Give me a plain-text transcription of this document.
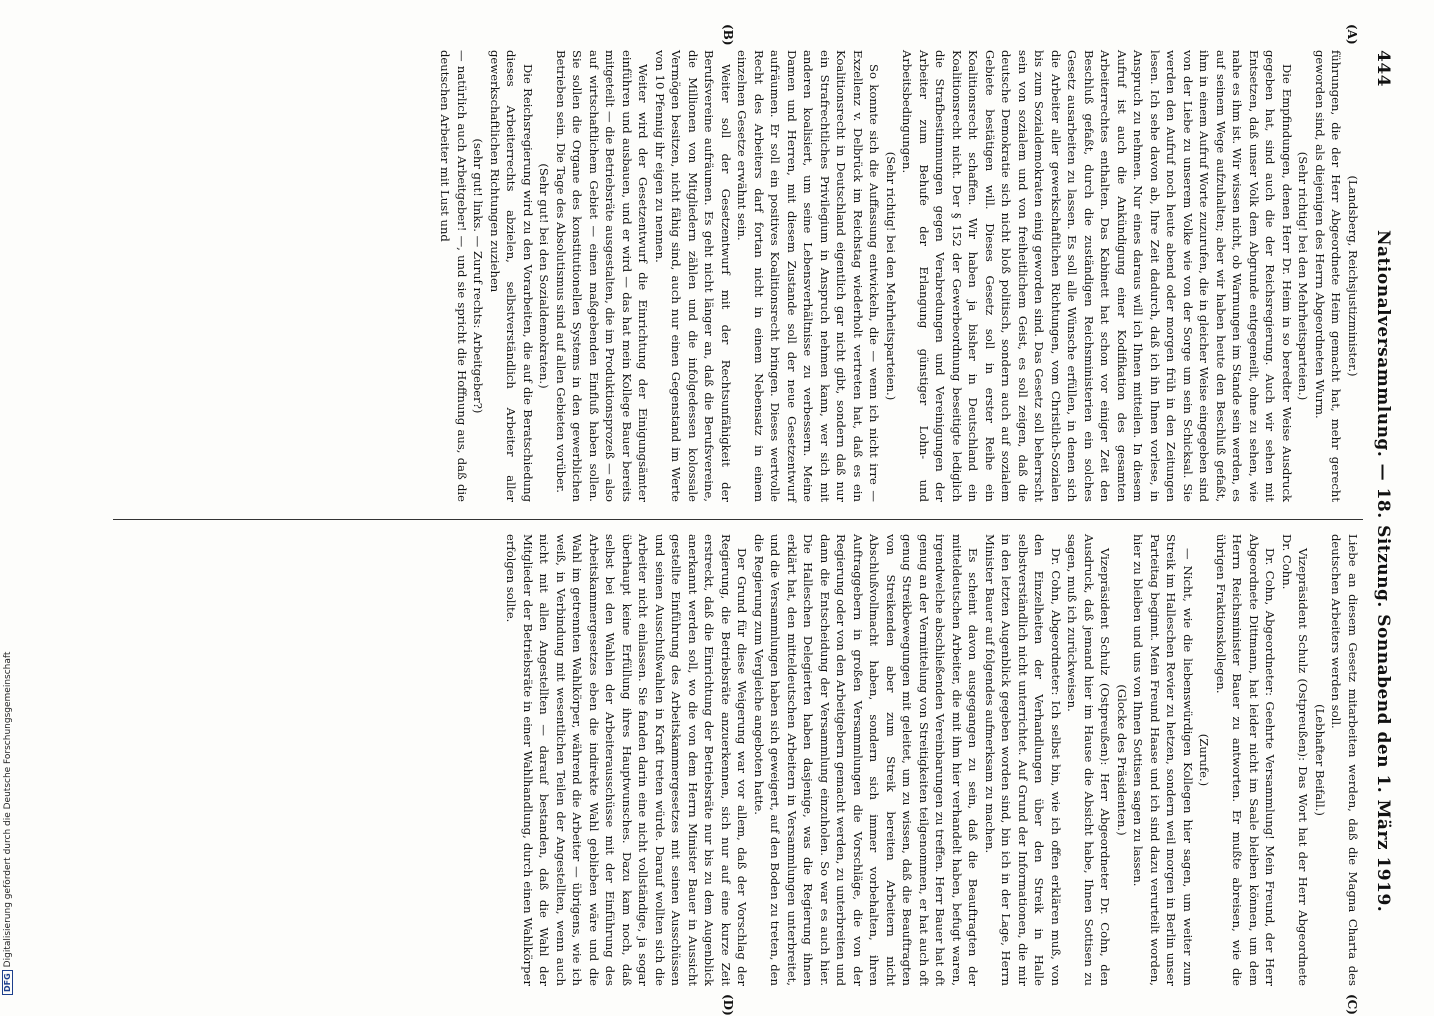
444
Nationalversammlung. — 18. Sitzung. Sonnabend den 1. März 1919.
(A)
(B)
(C)
(D)

(Landsberg, Reichsjustizminister.)

führungen, die der Herr Abgeordnete Heim gemacht hat, mehr gerecht geworden sind, als diejenigen des Herrn Abgeordneten Wurm.

(Sehr richtig! bei den Mehrheitsparteien.)

Die Empfindungen, denen Herr Dr. Heim in so beredter Weise Ausdruck gegeben hat, sind auch die der Reichsregierung. Auch wir sehen mit Entsetzen, daß unser Volk dem Abgrunde entgegeneilt, ohne zu sehen, wie nahe es ihm ist. Wir wissen nicht, ob Warnungen im Stande sein werden, es auf seinem Wege aufzuhalten; aber wir haben heute den Beschluß gefaßt, ihm in einem Aufruf Worte zuzurufen, die in gleicher Weise eingegeben sind von der Liebe zu unserem Volke wie von der Sorge um sein Schicksal. Sie werden den Aufruf noch heute abend oder morgen früh in den Zeitungen lesen. Ich sehe davon ab, Ihre Zeit dadurch, daß ich ihn Ihnen vorlese, in Anspruch zu nehmen. Nur eines daraus will ich Ihnen mitteilen. In diesem Aufruf ist auch die Ankündigung einer Kodifikation des gesamten Arbeiterrechtes enthalten. Das Kabinett hat schon vor einiger Zeit den Beschluß gefaßt, durch die zuständigen Reichsministerien ein solches Gesetz ausarbeiten zu lassen. Es soll alle Wünsche erfüllen, in denen sich die Arbeiter aller gewerkschaftlichen Richtungen, vom Christlich-Sozialen bis zum Sozialdemokraten einig geworden sind. Das Gesetz soll beherrscht sein von sozialem und von freiheitlichem Geist, es soll zeigen, daß die deutsche Demokratie sich nicht bloß politisch, sondern auch auf sozialem Gebiete bestätigen will. Dieses Gesetz soll in erster Reihe ein Koalitionsrecht schaffen. Wir haben ja bisher in Deutschland ein Koalitionsrecht nicht. Der § 152 der Gewerbeordnung beseitigte lediglich die Strafbestimmungen gegen Verabredungen und Vereinigungen der Arbeiter zum Behufe der Erlangung günstiger Lohn- und Arbeitsbedingungen.

(Sehr richtig! bei den Mehrheitsparteien.)

So konnte sich die Auffassung entwickeln, die — wenn ich nicht irre — Exzellenz v. Delbrück im Reichstag wiederholt vertreten hat, daß es ein Koalitionsrecht in Deutschland eigentlich gar nicht gibt, sondern daß nur ein Strafrechtliches Privilegium in Anspruch nehmen kann, wer sich mit anderen koalisiert, um seine Lebensverhältnisse zu verbessern. Meine Damen und Herren, mit diesem Zustande soll der neue Gesetzentwurf aufräumen. Er soll ein positives Koalitionsrecht bringen. Dieses wertvolle Recht des Arbeiters darf fortan nicht in einem Nebensatz in einem einzelnen Gesetze erwähnt sein.

Weiter soll der Gesetzentwurf mit der Rechtsunfähigkeit der Berufsvereine aufräumen. Es geht nicht länger an, daß die Berufsvereine, die Millionen von Mitgliedern zählen und die infolgedessen kolossale Vermögen besitzen, nicht fähig sind, auch nur einen Gegenstand im Werte von 10 Pfennig ihr eigen zu nennen.

Weiter wird der Gesetzentwurf die Einrichtung der Einigungsämter einführen und ausbauen, und er wird — das hat mein Kollege Bauer bereits mitgeteilt — die Betriebsräte ausgestalten, die im Produktionsprozeß — also auf wirtschaftlichem Gebiet — einen maßgebenden Einfluß haben sollen. Sie sollen die Organe des konstitutionellen Systems in den gewerblichen Betrieben sein. Die Tage des Absolutismus sind auf allen Gebieten vorüber.

(Sehr gut! bei den Sozialdemokraten.)

Die Reichsregierung wird zu den Vorarbeiten, die auf die Beratschiedung dieses Arbeiterrechts abzielen, selbstverständlich Arbeiter aller gewerkschaftlichen Richtungen zuziehen

(sehr gut! links. — Zuruf rechts: Arbeitgeber?)

— natürlich auch Arbeitgeber! —, und sie spricht die Hoffnung aus, daß die deutschen Arbeiter mit Lust und

Liebe an diesem Gesetz mitarbeiten werden, daß die Magna Charta des deutschen Arbeiters werden soll.

(Lebhafter Beifall.)

Vizepräsident Schulz (Ostpreußen): Das Wort hat der Herr Abgeordnete Dr. Cohn.

Dr. Cohn, Abgeordneter: Geehrte Versammlung! Mein Freund, der Herr Abgeordnete Dittmann, hat leider nicht im Saale bleiben können, um dem Herrn Reichsminister Bauer zu antworten. Er mußte abreisen, wie die übrigen Fraktionskollegen.

(Zurufe.)

— Nicht, wie die liebenswürdigen Kollegen hier sagen, um weiter zum Streik im Halleschen Revier zu hetzen, sondern weil morgen in Berlin unser Parteitag beginnt. Mein Freund Haase und ich sind dazu verurteilt worden, hier zu bleiben und uns von Ihnen Sottisen sagen zu lassen.

(Glocke des Präsidenten.)

Vizepräsident Schulz (Ostpreußen): Herr Abgeordneter Dr. Cohn, den Ausdruck, daß jemand hier im Hause die Absicht habe, Ihnen Sottisen zu sagen, muß ich zurückweisen.

Dr. Cohn, Abgeordneter: Ich selbst bin, wie ich offen erklären muß, von den Einzelheiten der Verhandlungen über den Streik in Halle selbstverständlich nicht unterrichtet. Auf Grund der Informationen, die mir in den letzten Augenblick gegeben worden sind, bin ich in der Lage, Herrn Minister Bauer auf folgendes aufmerksam zu machen.

Es scheint davon ausgegangen zu sein, daß die Beauftragten der mitteldeutschen Arbeiter, die mit ihm hier verhandelt haben, befugt waren, irgendwelche abschließenden Vereinbarungen zu treffen. Herr Bauer hat oft genug an der Vermittelung von Streitigkeiten teilgenommen, er hat auch oft genug Streikbewegungen mit geleitet, um zu wissen, daß die Beauftragten von Streikenden aber zum Streik bereiten Arbeitern nicht Abschlußvollmacht haben, sondern sich immer vorbehalten, ihren Auftraggebern in großen Versammlungen die Vorschläge, die von der Regierung oder von den Arbeitgebern gemacht werden, zu unterbreiten und dann die Entscheidung der Versammlung einzuholen. So war es auch hier. Die Halleschen Delegierten haben dasjenige, was die Regierung ihnen erklärt hat, den mitteldeutschen Arbeitern in Versammlungen unterbreitet, und die Versammlungen haben sich geweigert, auf den Boden zu treten, den die Regierung zum Vergleiche angeboten hatte.

Der Grund für diese Weigerung war vor allem, daß der Vorschlag der Regierung, die Betriebsräte anzuerkennen, sich nur auf eine kurze Zeit erstreckt, daß die Einrichtung der Betriebsräte nur bis zu dem Augenblick anerkannt werden soll, wo die von dem Herrn Minister Bauer in Aussicht gestellte Einführung des Arbeitskammergesetzes mit seinen Ausschüssen und seinen Ausschußwahlen in Kraft treten würde. Darauf wollten sich die Arbeiter nicht einlassen. Sie fanden darin eine nicht vollständige, ja sogar überhaupt keine Erfüllung ihres Hauptwunsches. Dazu kam noch, daß selbst bei den Wahlen der Arbeiterausschüsse mit der Einführung des Arbeitskammergesetzes eben die indirekte Wahl geblieben wäre und die Wahl im getrennten Wahlkörper, während die Arbeiter — übrigens, wie ich weiß, in Verbindung mit wesentlichen Teilen der Angestellten, wenn auch nicht mit allen Angestellten — darauf bestanden, daß die Wahl der Mitglieder der Betriebsräte in einer Wahlhandlung, durch einen Wahlkörper erfolgen sollte.

DFGDigitalisierung gefördert durch die Deutsche Forschungsgemeinschaft
